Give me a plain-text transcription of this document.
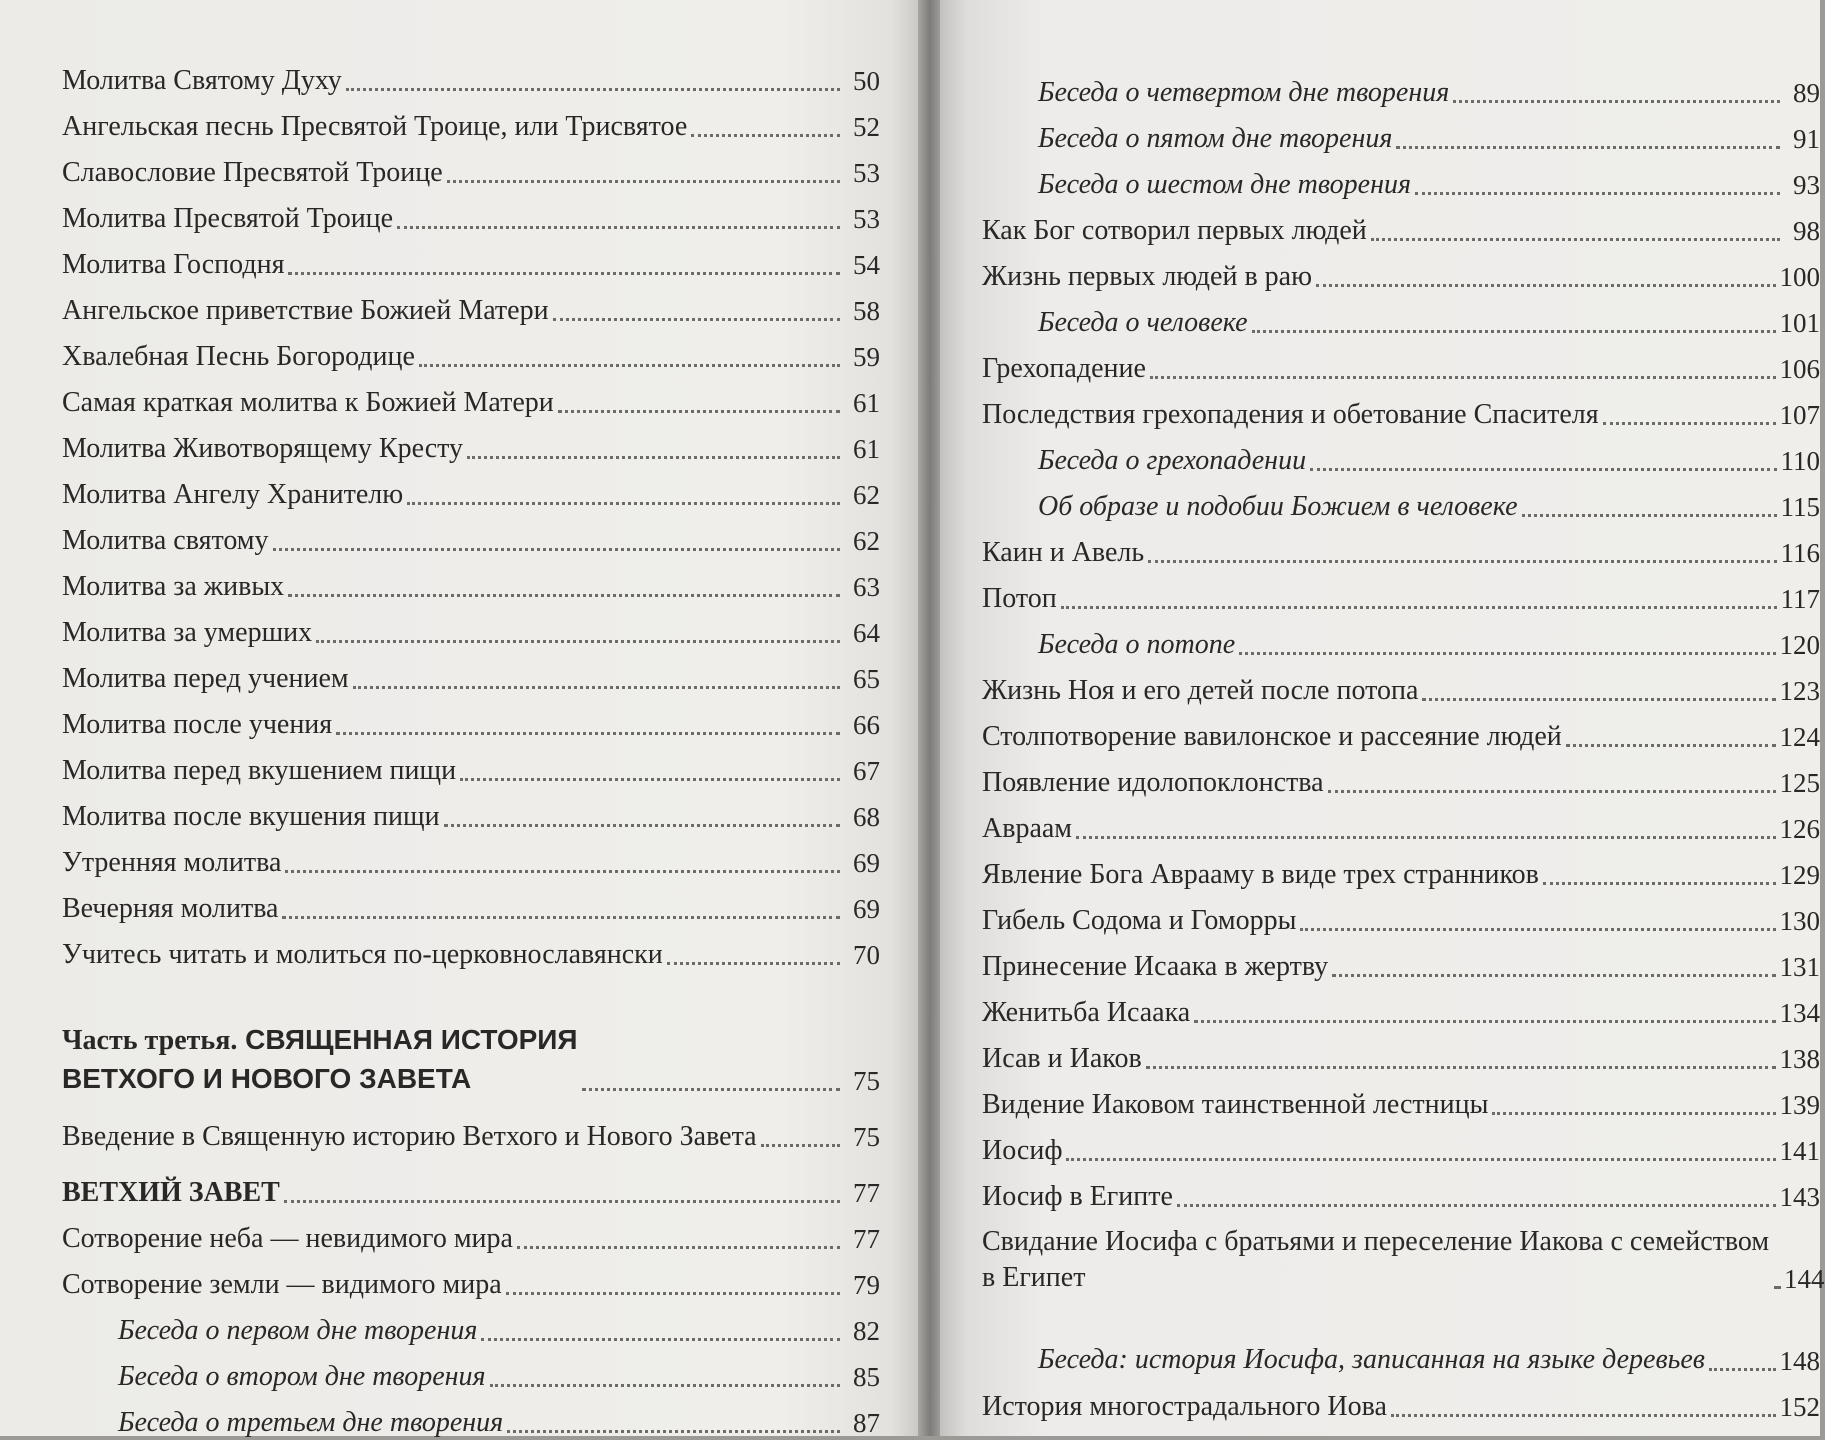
Молитва Святому Духу	50
Ангельская песнь Пресвятой Троице, или Трисвятое	52
Славословие Пресвятой Троице	53
Молитва Пресвятой Троице	53
Молитва Господня	54
Ангельское приветствие Божией Матери	58
Хвалебная Песнь Богородице	59
Самая краткая молитва к Божией Матери	61
Молитва Животворящему Кресту	61
Молитва Ангелу Хранителю	62
Молитва святому	62
Молитва за живых	63
Молитва за умерших	64
Молитва перед учением	65
Молитва после учения	66
Молитва перед вкушением пищи	67
Молитва после вкушения пищи	68
Утренняя молитва	69
Вечерняя молитва	69
Учитесь читать и молиться по-церковнославянски	70
Часть третья. СВЯЩЕННАЯ ИСТОРИЯ
ВЕТХОГО И НОВОГО ЗАВЕТА	75
Введение в Священную историю Ветхого и Нового Завета	75
ВЕТХИЙ ЗАВЕТ	77
Сотворение неба — невидимого мира	77
Сотворение земли — видимого мира	79
Беседа о первом дне творения	82
Беседа о втором дне творения	85
Беседа о третьем дне творения	87
Беседа о четвертом дне творения	89
Беседа о пятом дне творения	91
Беседа о шестом дне творения	93
Как Бог сотворил первых людей	98
Жизнь первых людей в раю	100
Беседа о человеке	101
Грехопадение	106
Последствия грехопадения и обетование Спасителя	107
Беседа о грехопадении	110
Об образе и подобии Божием в человеке	115
Каин и Авель	116
Потоп	117
Беседа о потопе	120
Жизнь Ноя и его детей после потопа	123
Столпотворение вавилонское и рассеяние людей	124
Появление идолопоклонства	125
Авраам	126
Явление Бога Аврааму в виде трех странников	129
Гибель Содома и Гоморры	130
Принесение Исаака в жертву	131
Женитьба Исаака	134
Исав и Иаков	138
Видение Иаковом таинственной лестницы	139
Иосиф	141
Иосиф в Египте	143
Свидание Иосифа с братьями и переселение Иакова с семейством в Египет	144
Беседа: история Иосифа, записанная на языке деревьев	148
История многострадального Иова	152
